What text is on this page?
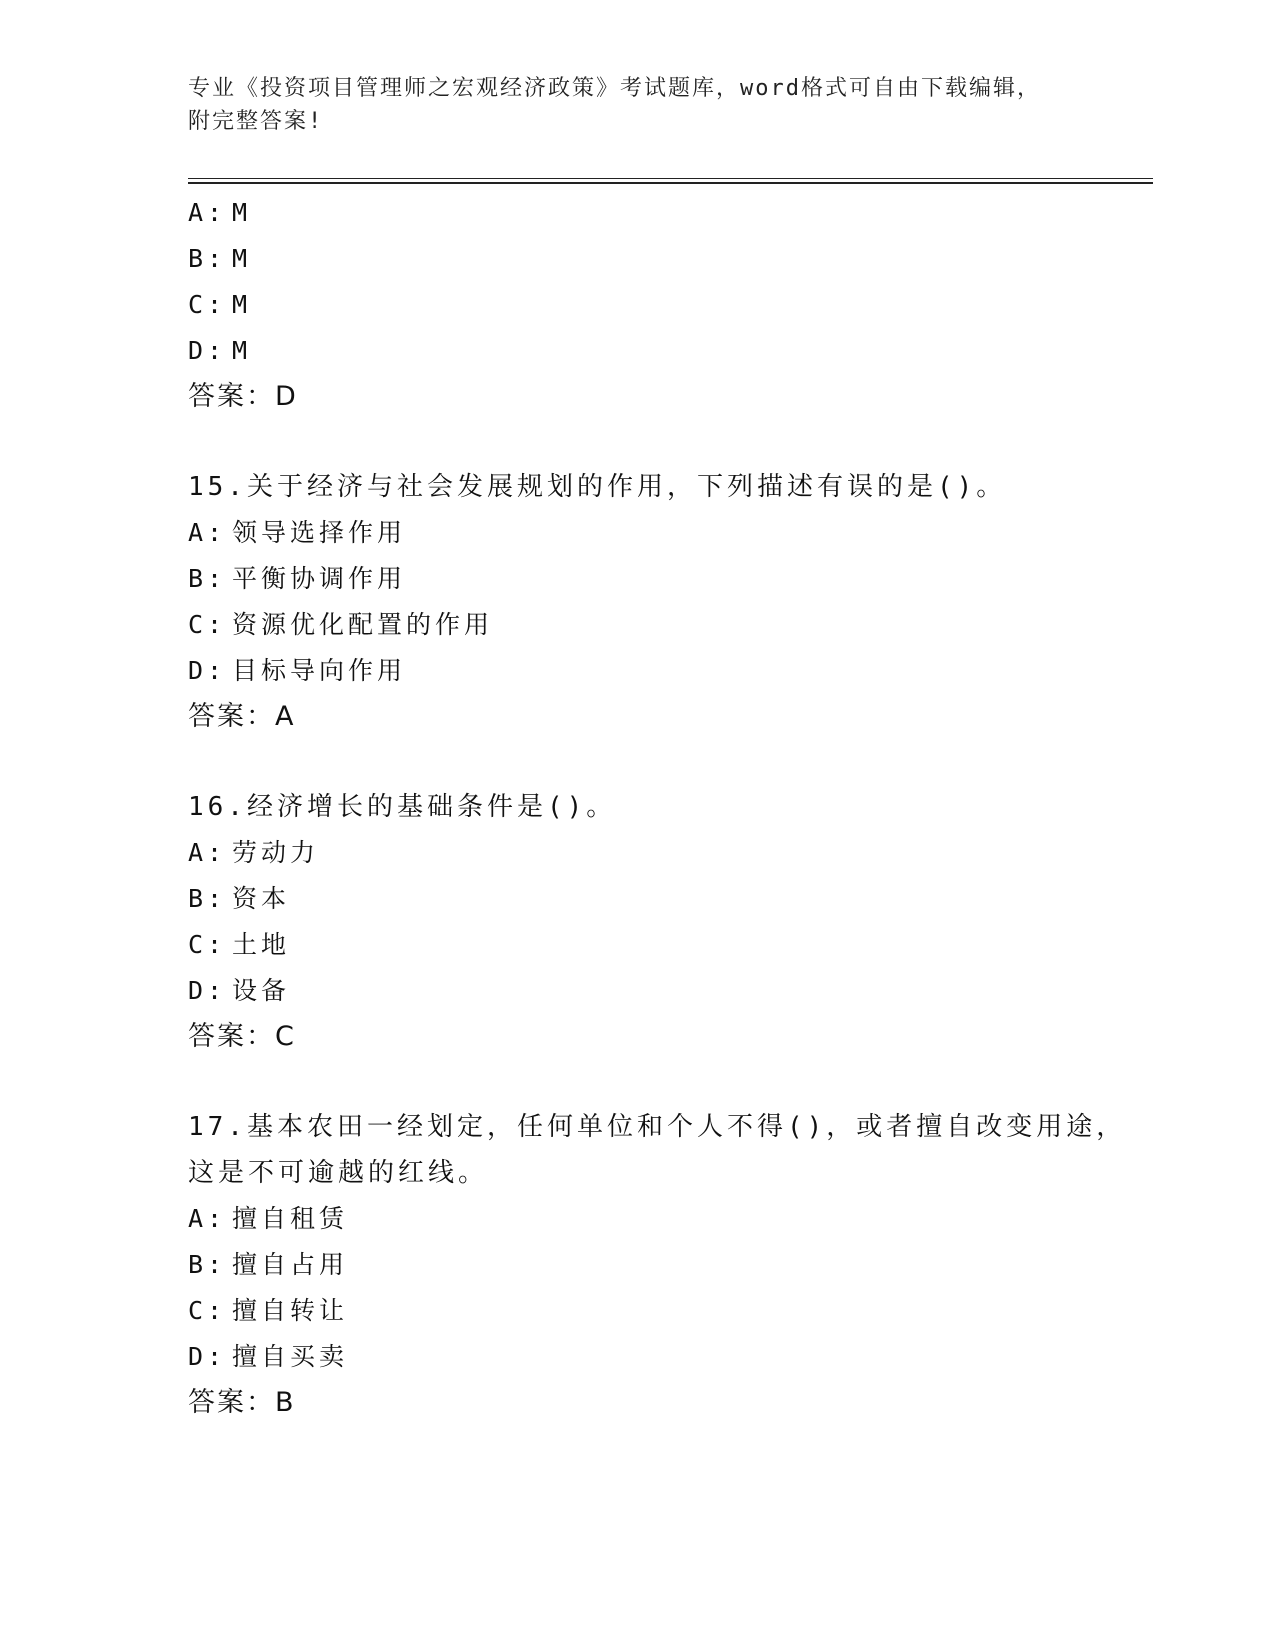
专业《投资项目管理师之宏观经济政策》考试题库，word格式可自由下载编辑，
附完整答案!
A: M
B: M
C: M
D: M
答案：D
15.关于经济与社会发展规划的作用，下列描述有误的是()。
A: 领导选择作用
B: 平衡协调作用
C: 资源优化配置的作用
D: 目标导向作用
答案：A
16.经济增长的基础条件是()。
A: 劳动力
B: 资本
C: 土地
D: 设备
答案：C
17.基本农田一经划定，任何单位和个人不得()，或者擅自改变用途，
这是不可逾越的红线。
A: 擅自租赁
B: 擅自占用
C: 擅自转让
D: 擅自买卖
答案：B
